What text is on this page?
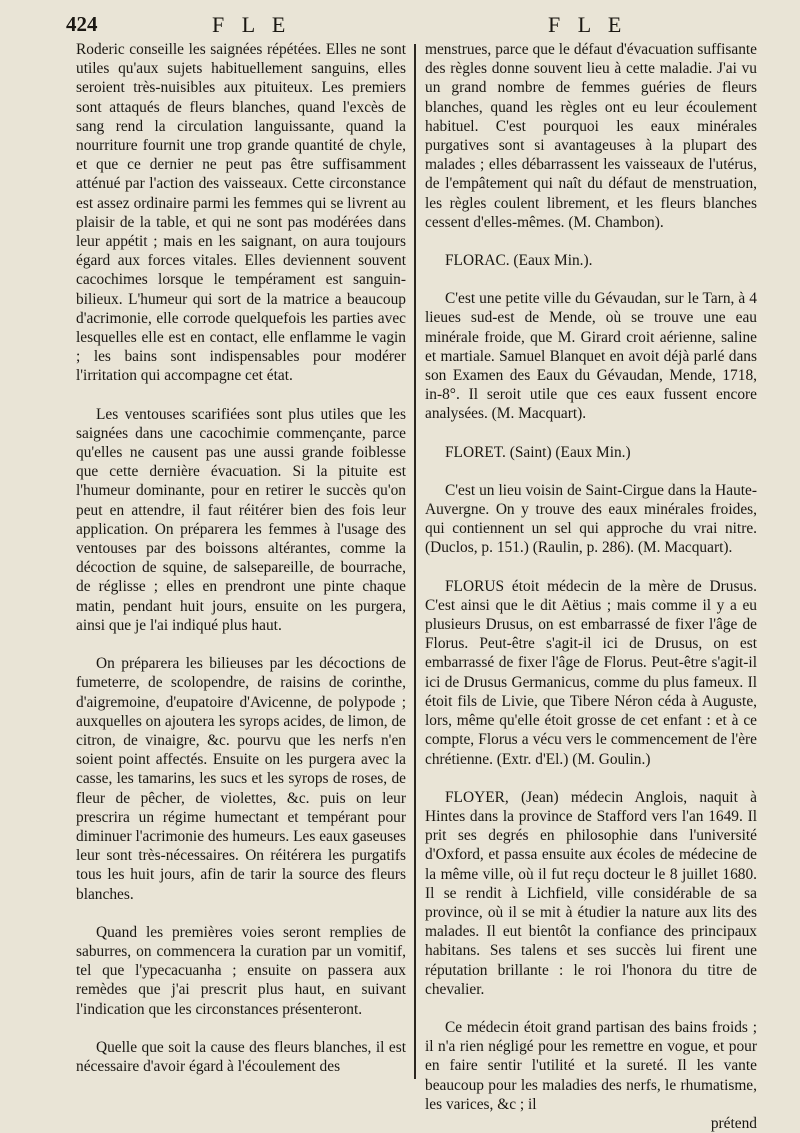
424	F L E	F L E

Roderic conseille les saignées répétées. Elles ne sont utiles qu'aux sujets habituellement sanguins, elles seroient très-nuisibles aux pituiteux. Les premiers sont attaqués de fleurs blanches, quand l'excès de sang rend la circulation languissante, quand la nourriture fournit une trop grande quantité de chyle, et que ce dernier ne peut pas être suffisamment atténué par l'action des vaisseaux. Cette circonstance est assez ordinaire parmi les femmes qui se livrent au plaisir de la table, et qui ne sont pas modérées dans leur appétit ; mais en les saignant, on aura toujours égard aux forces vitales. Elles deviennent souvent cacochimes lorsque le tempérament est sanguin-bilieux. L'humeur qui sort de la matrice a beaucoup d'acrimonie, elle corrode quelquefois les parties avec lesquelles elle est en contact, elle enflamme le vagin ; les bains sont indispensables pour modérer l'irritation qui accompagne cet état.

Les ventouses scarifiées sont plus utiles que les saignées dans une cacochimie commençante, parce qu'elles ne causent pas une aussi grande foiblesse que cette dernière évacuation. Si la pituite est l'humeur dominante, pour en retirer le succès qu'on peut en attendre, il faut réitérer bien des fois leur application. On préparera les femmes à l'usage des ventouses par des boissons altérantes, comme la décoction de squine, de salsepareille, de bourrache, de réglisse ; elles en prendront une pinte chaque matin, pendant huit jours, ensuite on les purgera, ainsi que je l'ai indiqué plus haut.

On préparera les bilieuses par les décoctions de fumeterre, de scolopendre, de raisins de corinthe, d'aigremoine, d'eupatoire d'Avicenne, de polypode ; auxquelles on ajoutera les syrops acides, de limon, de citron, de vinaigre, &c. pourvu que les nerfs n'en soient point affectés. Ensuite on les purgera avec la casse, les tamarins, les sucs et les syrops de roses, de fleur de pêcher, de violettes, &c. puis on leur prescrira un régime humectant et tempérant pour diminuer l'acrimonie des humeurs. Les eaux gaseuses leur sont très-nécessaires. On réitérera les purgatifs tous les huit jours, afin de tarir la source des fleurs blanches.

Quand les premières voies seront remplies de saburres, on commencera la curation par un vomitif, tel que l'ypecacuanha ; ensuite on passera aux remèdes que j'ai prescrit plus haut, en suivant l'indication que les circonstances présenteront.

Quelle que soit la cause des fleurs blanches, il est nécessaire d'avoir égard à l'écoulement des

menstrues, parce que le défaut d'évacuation suffisante des règles donne souvent lieu à cette maladie. J'ai vu un grand nombre de femmes guéries de fleurs blanches, quand les règles ont eu leur écoulement habituel. C'est pourquoi les eaux minérales purgatives sont si avantageuses à la plupart des malades ; elles débarrassent les vaisseaux de l'utérus, de l'empâtement qui naît du défaut de menstruation, les règles coulent librement, et les fleurs blanches cessent d'elles-mêmes. (M. Chambon).

FLORAC. (Eaux Min.).

C'est une petite ville du Gévaudan, sur le Tarn, à 4 lieues sud-est de Mende, où se trouve une eau minérale froide, que M. Girard croit aérienne, saline et martiale. Samuel Blanquet en avoit déjà parlé dans son Examen des Eaux du Gévaudan, Mende, 1718, in-8°. Il seroit utile que ces eaux fussent encore analysées. (M. Macquart).

FLORET. (Saint) (Eaux Min.)

C'est un lieu voisin de Saint-Cirgue dans la Haute-Auvergne. On y trouve des eaux minérales froides, qui contiennent un sel qui approche du vrai nitre. (Duclos, p. 151.) (Raulin, p. 286). (M. Macquart).

FLORUS étoit médecin de la mère de Drusus. C'est ainsi que le dit Aëtius ; mais comme il y a eu plusieurs Drusus, on est embarrassé de fixer l'âge de Florus. Peut-être s'agit-il ici de Drusus, on est embarrassé de fixer l'âge de Florus. Peut-être s'agit-il ici de Drusus Germanicus, comme du plus fameux. Il étoit fils de Livie, que Tibere Néron céda à Auguste, lors, même qu'elle étoit grosse de cet enfant : et à ce compte, Florus a vécu vers le commencement de l'ère chrétienne. (Extr. d'El.) (M. Goulin.)

FLOYER, (Jean) médecin Anglois, naquit à Hintes dans la province de Stafford vers l'an 1649. Il prit ses degrés en philosophie dans l'université d'Oxford, et passa ensuite aux écoles de médecine de la même ville, où il fut reçu docteur le 8 juillet 1680. Il se rendit à Lichfield, ville considérable de sa province, où il se mit à étudier la nature aux lits des malades. Il eut bientôt la confiance des principaux habitans. Ses talens et ses succès lui firent une réputation brillante : le roi l'honora du titre de chevalier.

Ce médecin étoit grand partisan des bains froids ; il n'a rien négligé pour les remettre en vogue, et pour en faire sentir l'utilité et la sureté. Il les vante beaucoup pour les maladies des nerfs, le rhumatisme, les varices, &c ; il

prétend
